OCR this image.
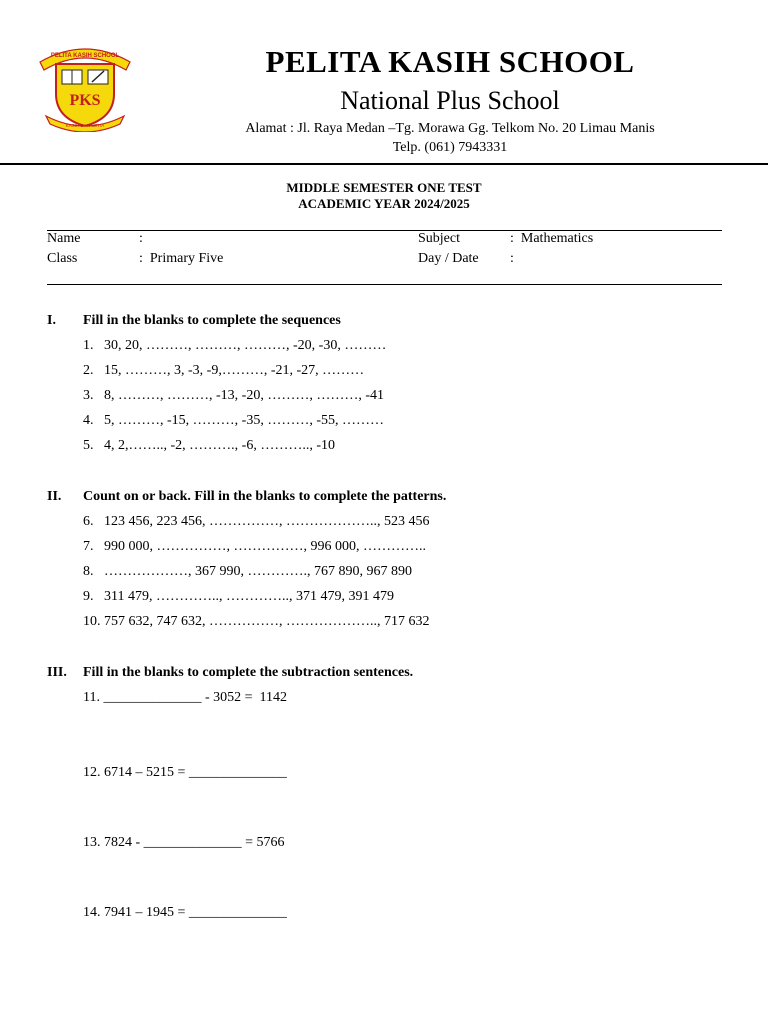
PELITA KASIH SCHOOL
PKS
KASIH DAN SETIA
PELITA KASIH SCHOOL
National Plus School
Alamat : Jl. Raya Medan –Tg. Morawa Gg. Telkom No. 20 Limau Manis
Telp. (061) 7943331
MIDDLE SEMESTER ONE TEST
ACADEMIC YEAR 2024/2025
Name	:	Subject	:  Mathematics
Class	:  Primary Five	Day / Date :
I. Fill in the blanks to complete the sequences
1.   30, 20, ………, ………, ………, -20, -30, ………
2.   15, ………, 3, -3, -9,………, -21, -27, ………
3.   8, ………, ………, -13, -20, ………, ………, -41
4.   5, ………, -15, ………, -35, ………, -55, ………
5.   4, 2,…….., -2, ………., -6, ……….., -10
II. Count on or back. Fill in the blanks to complete the patterns.
6.   123 456, 223 456, ……………, ……………….., 523 456
7.   990 000, ……………, ……………, 996 000, …………..
8.   ………………, 367 990, …………., 767 890, 967 890
9.   311 479, ………….., ………….., 371 479, 391 479
10. 757 632, 747 632, ……………, ……………….., 717 632
III. Fill in the blanks to complete the subtraction sentences.
11. ______________ - 3052 =  1142
12. 6714 – 5215 = ______________
13. 7824 - ______________ = 5766
14. 7941 – 1945 = ______________
